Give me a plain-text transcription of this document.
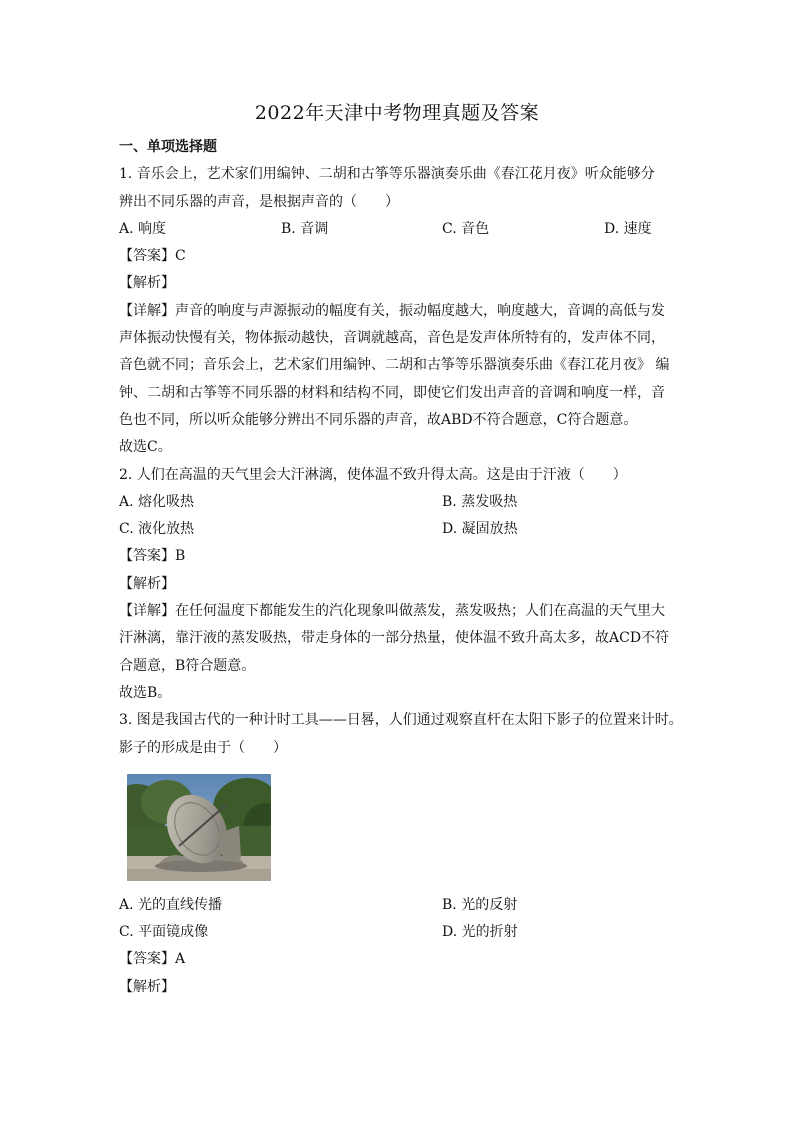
2022年天津中考物理真题及答案
一、单项选择题
1. 音乐会上，艺术家们用编钟、二胡和古筝等乐器演奏乐曲《春江花月夜》听众能够分
辨出不同乐器的声音，是根据声音的（　　）
A. 响度	B. 音调	C. 音色	D. 速度
【答案】C
【解析】
【详解】声音的响度与声源振动的幅度有关，振动幅度越大，响度越大，音调的高低与发
声体振动快慢有关，物体振动越快，音调就越高，音色是发声体所特有的，发声体不同，
音色就不同；音乐会上，艺术家们用编钟、二胡和古筝等乐器演奏乐曲《春江花月夜》 编
钟、二胡和古筝等不同乐器的材料和结构不同，即使它们发出声音的音调和响度一样，音
色也不同，所以听众能够分辨出不同乐器的声音，故ABD不符合题意，C符合题意。
故选C。
2. 人们在高温的天气里会大汗淋漓，使体温不致升得太高。这是由于汗液（　　）
A. 熔化吸热	B. 蒸发吸热
C. 液化放热	D. 凝固放热
【答案】B
【解析】
【详解】在任何温度下都能发生的汽化现象叫做蒸发，蒸发吸热；人们在高温的天气里大
汗淋漓，靠汗液的蒸发吸热，带走身体的一部分热量，使体温不致升高太多，故ACD不符
合题意，B符合题意。
故选B。
3. 图是我国古代的一种计时工具——日晷，人们通过观察直杆在太阳下影子的位置来计时。
影子的形成是由于（　　）
A. 光的直线传播	B. 光的反射
C. 平面镜成像	D. 光的折射
【答案】A
【解析】
